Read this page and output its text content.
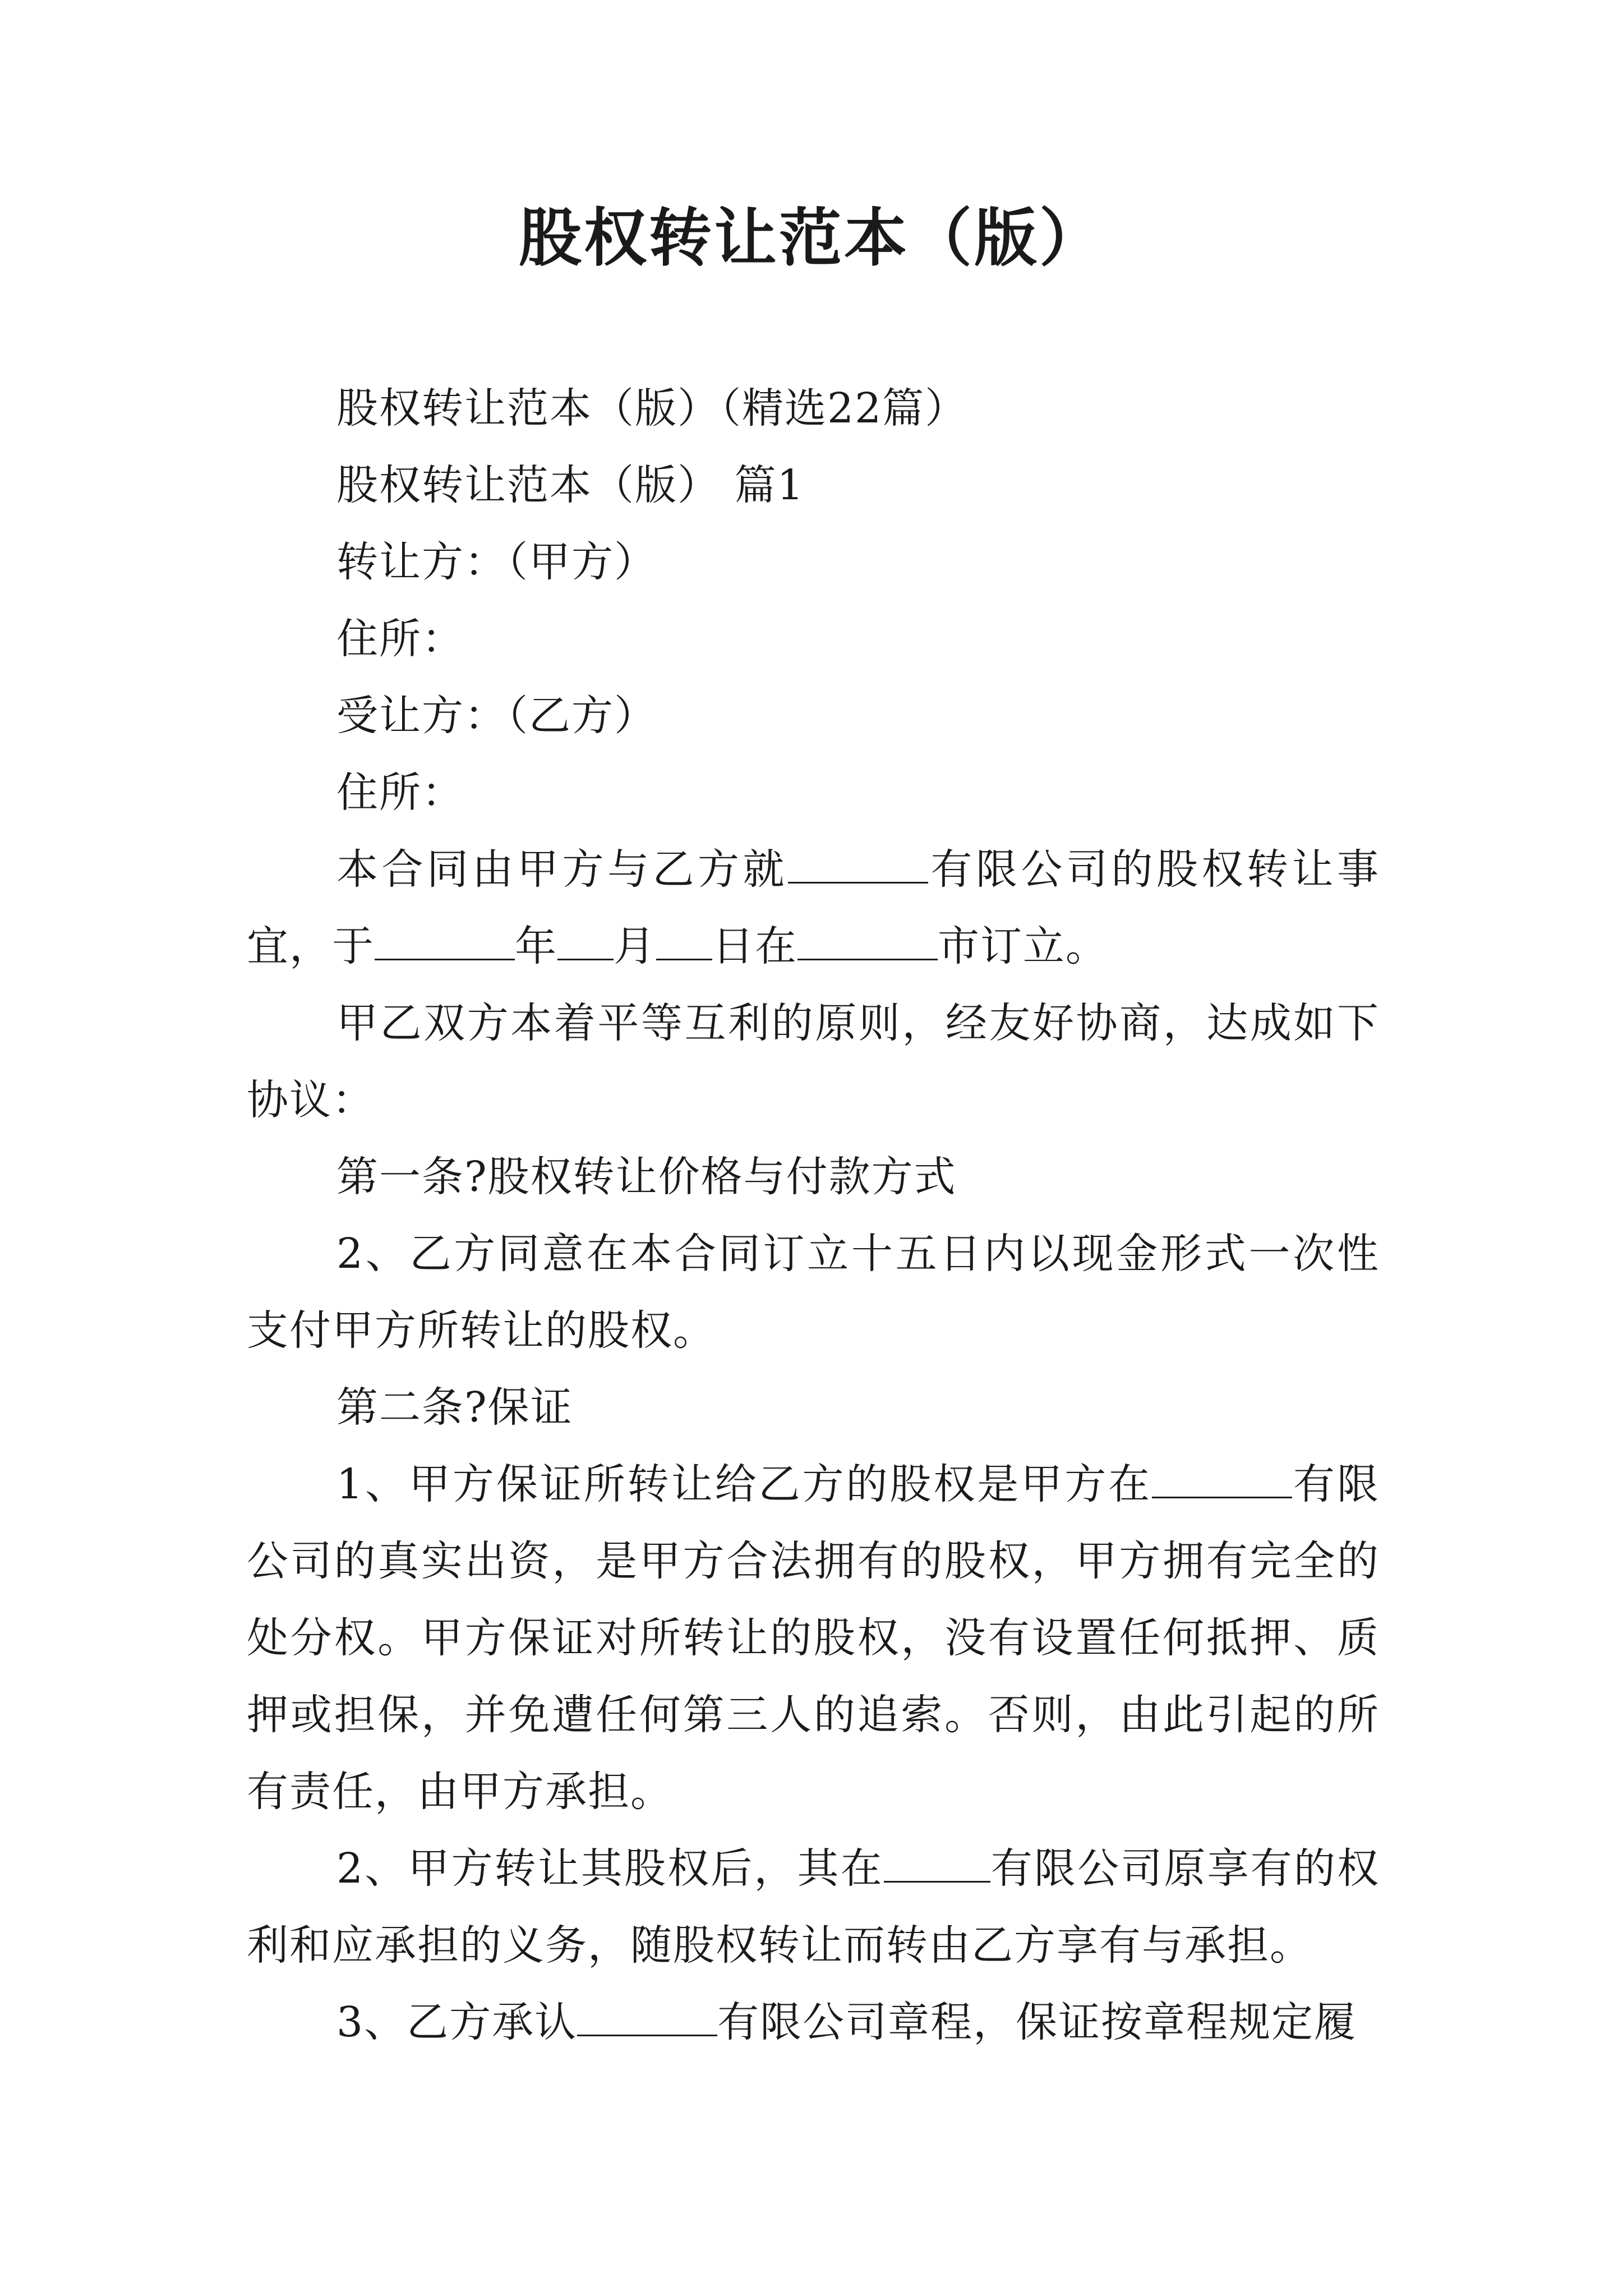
股权转让范本（版）

股权转让范本（版）（精选22篇）

股权转让范本（版） 篇1

转让方：（甲方）

住所：

受让方：（乙方）

住所：

本合同由甲方与乙方就	有限公司的股权转让事宜，于	年 月 日在	市订立。

甲乙双方本着平等互利的原则，经友好协商，达成如下协议：

第一条?股权转让价格与付款方式

2、乙方同意在本合同订立十五日内以现金形式一次性支付甲方所转让的股权。

第二条?保证

1、甲方保证所转让给乙方的股权是甲方在	有限公司的真实出资，是甲方合法拥有的股权，甲方拥有完全的处分权。甲方保证对所转让的股权，没有设置任何抵押、质押或担保，并免遭任何第三人的追索。否则，由此引起的所有责任，由甲方承担。

2、甲方转让其股权后，其在	有限公司原享有的权利和应承担的义务，随股权转让而转由乙方享有与承担。

3、乙方承认	有限公司章程，保证按章程规定履
